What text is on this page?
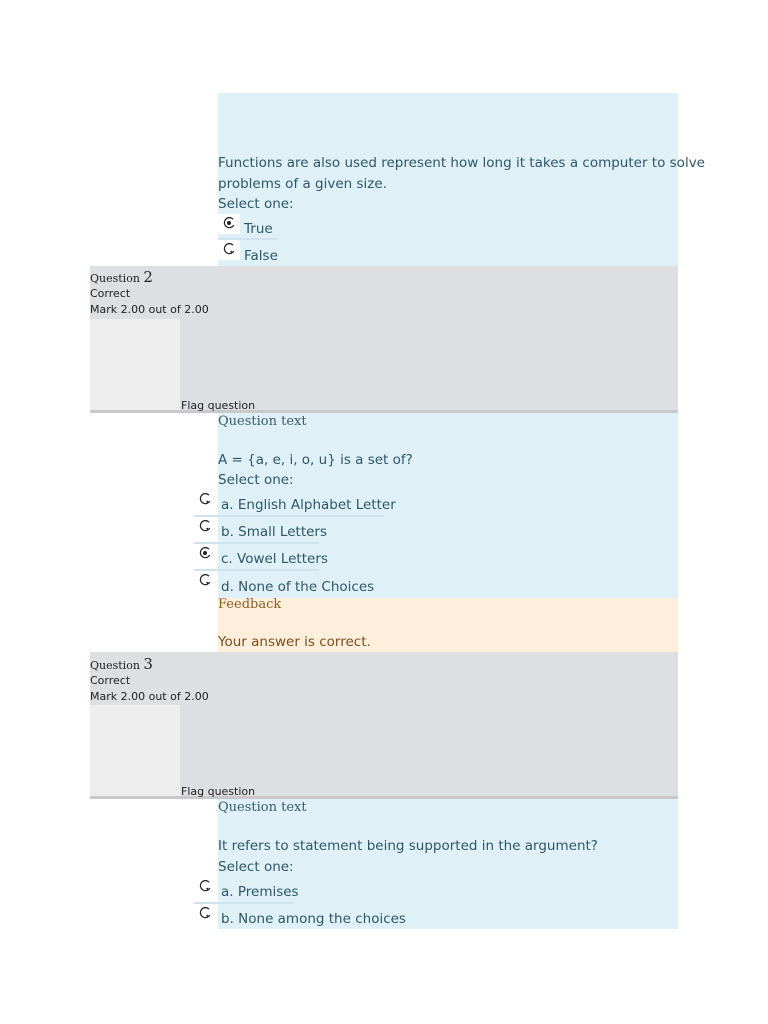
Functions are also used represent how long it takes a computer to solve
problems of a given size.
Select one:
True
False
Question 2
Correct
Mark 2.00 out of 2.00
Flag question
Question text
A = {a, e, i, o, u} is a set of?
Select one:
a. English Alphabet Letter
b. Small Letters
c. Vowel Letters
d. None of the Choices
Feedback
Your answer is correct.
Question 3
Correct
Mark 2.00 out of 2.00
Flag question
Question text
It refers to statement being supported in the argument?
Select one:
a. Premises
b. None among the choices
